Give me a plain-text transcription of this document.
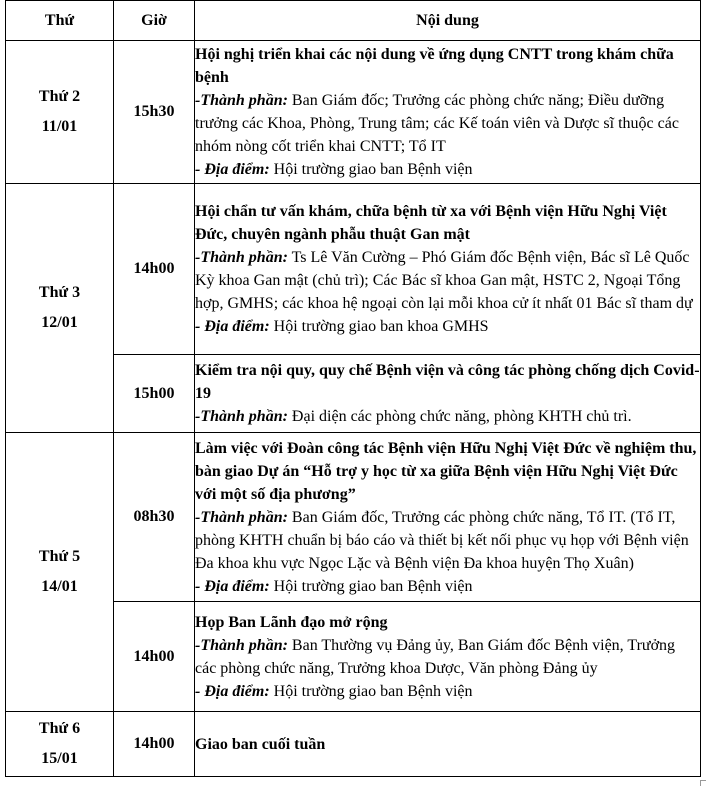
Thứ	Giờ	Nội dung

Thứ 2
11/01	15h30	Hội nghị triển khai các nội dung về ứng dụng CNTT trong khám chữa bệnh
-Thành phần: Ban Giám đốc; Trưởng các phòng chức năng; Điều dưỡng trưởng các Khoa, Phòng, Trung tâm; các Kế toán viên và Dược sĩ thuộc các nhóm nòng cốt triển khai CNTT; Tổ IT
- Địa điểm: Hội trường giao ban Bệnh viện

Thứ 3
12/01	14h00	Hội chẩn tư vấn khám, chữa bệnh từ xa với Bệnh viện Hữu Nghị Việt Đức, chuyên ngành phẫu thuật Gan mật
-Thành phần: Ts Lê Văn Cường – Phó Giám đốc Bệnh viện, Bác sĩ Lê Quốc Kỳ khoa Gan mật (chủ trì); Các Bác sĩ khoa Gan mật, HSTC 2, Ngoại Tổng hợp, GMHS; các khoa hệ ngoại còn lại mỗi khoa cử ít nhất 01 Bác sĩ tham dự
- Địa điểm: Hội trường giao ban khoa GMHS

	15h00	Kiểm tra nội quy, quy chế Bệnh viện và công tác phòng chống dịch Covid-19
-Thành phần: Đại diện các phòng chức năng, phòng KHTH chủ trì.

Thứ 5
14/01	08h30	Làm việc với Đoàn công tác Bệnh viện Hữu Nghị Việt Đức về nghiệm thu, bàn giao Dự án “Hỗ trợ y học từ xa giữa Bệnh viện Hữu Nghị Việt Đức với một số địa phương”
-Thành phần: Ban Giám đốc, Trưởng các phòng chức năng, Tổ IT. (Tổ IT, phòng KHTH chuẩn bị báo cáo và thiết bị kết nối phục vụ họp với Bệnh viện Đa khoa khu vực Ngọc Lặc và Bệnh viện Đa khoa huyện Thọ Xuân)
- Địa điểm: Hội trường giao ban Bệnh viện

	14h00	Họp Ban Lãnh đạo mở rộng
-Thành phần: Ban Thường vụ Đảng ủy, Ban Giám đốc Bệnh viện, Trưởng các phòng chức năng, Trưởng khoa Dược, Văn phòng Đảng ủy
- Địa điểm: Hội trường giao ban Bệnh viện

Thứ 6
15/01	14h00	Giao ban cuối tuần
